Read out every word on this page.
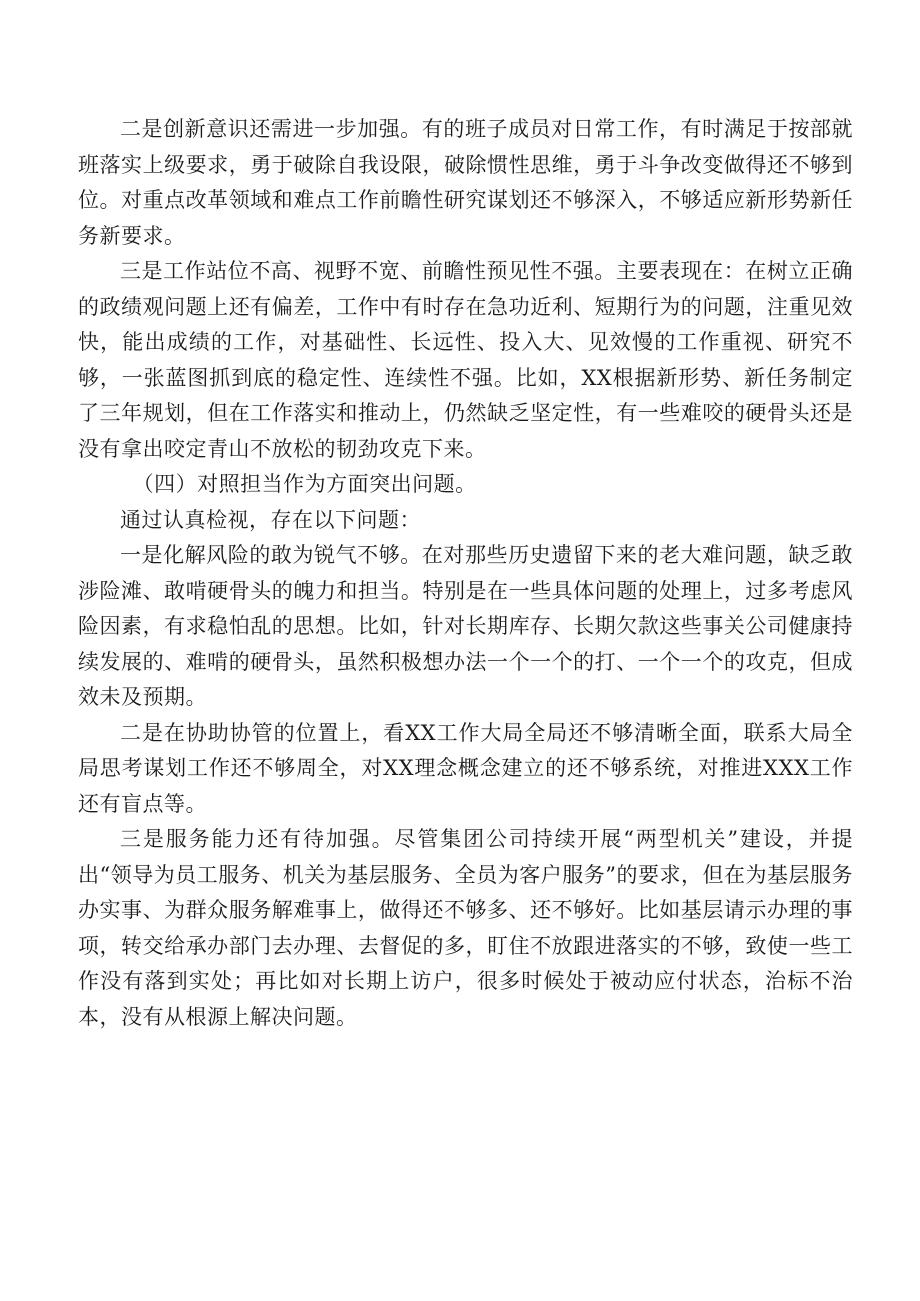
二是创新意识还需进一步加强。有的班子成员对日常工作，有时满足于按部就班落实上级要求，勇于破除自我设限，破除惯性思维，勇于斗争改变做得还不够到位。对重点改革领域和难点工作前瞻性研究谋划还不够深入，不够适应新形势新任务新要求。

三是工作站位不高、视野不宽、前瞻性预见性不强。主要表现在：在树立正确的政绩观问题上还有偏差，工作中有时存在急功近利、短期行为的问题，注重见效快，能出成绩的工作，对基础性、长远性、投入大、见效慢的工作重视、研究不够，一张蓝图抓到底的稳定性、连续性不强。比如，XX根据新形势、新任务制定了三年规划，但在工作落实和推动上，仍然缺乏坚定性，有一些难咬的硬骨头还是没有拿出咬定青山不放松的韧劲攻克下来。

（四）对照担当作为方面突出问题。

通过认真检视，存在以下问题：

一是化解风险的敢为锐气不够。在对那些历史遗留下来的老大难问题，缺乏敢涉险滩、敢啃硬骨头的魄力和担当。特别是在一些具体问题的处理上，过多考虑风险因素，有求稳怕乱的思想。比如，针对长期库存、长期欠款这些事关公司健康持续发展的、难啃的硬骨头，虽然积极想办法一个一个的打、一个一个的攻克，但成效未及预期。

二是在协助协管的位置上，看XX工作大局全局还不够清晰全面，联系大局全局思考谋划工作还不够周全，对XX理念概念建立的还不够系统，对推进XXX工作还有盲点等。

三是服务能力还有待加强。尽管集团公司持续开展“两型机关”建设，并提出“领导为员工服务、机关为基层服务、全员为客户服务”的要求，但在为基层服务办实事、为群众服务解难事上，做得还不够多、还不够好。比如基层请示办理的事项，转交给承办部门去办理、去督促的多，盯住不放跟进落实的不够，致使一些工作没有落到实处；再比如对长期上访户，很多时候处于被动应付状态，治标不治本，没有从根源上解决问题。
